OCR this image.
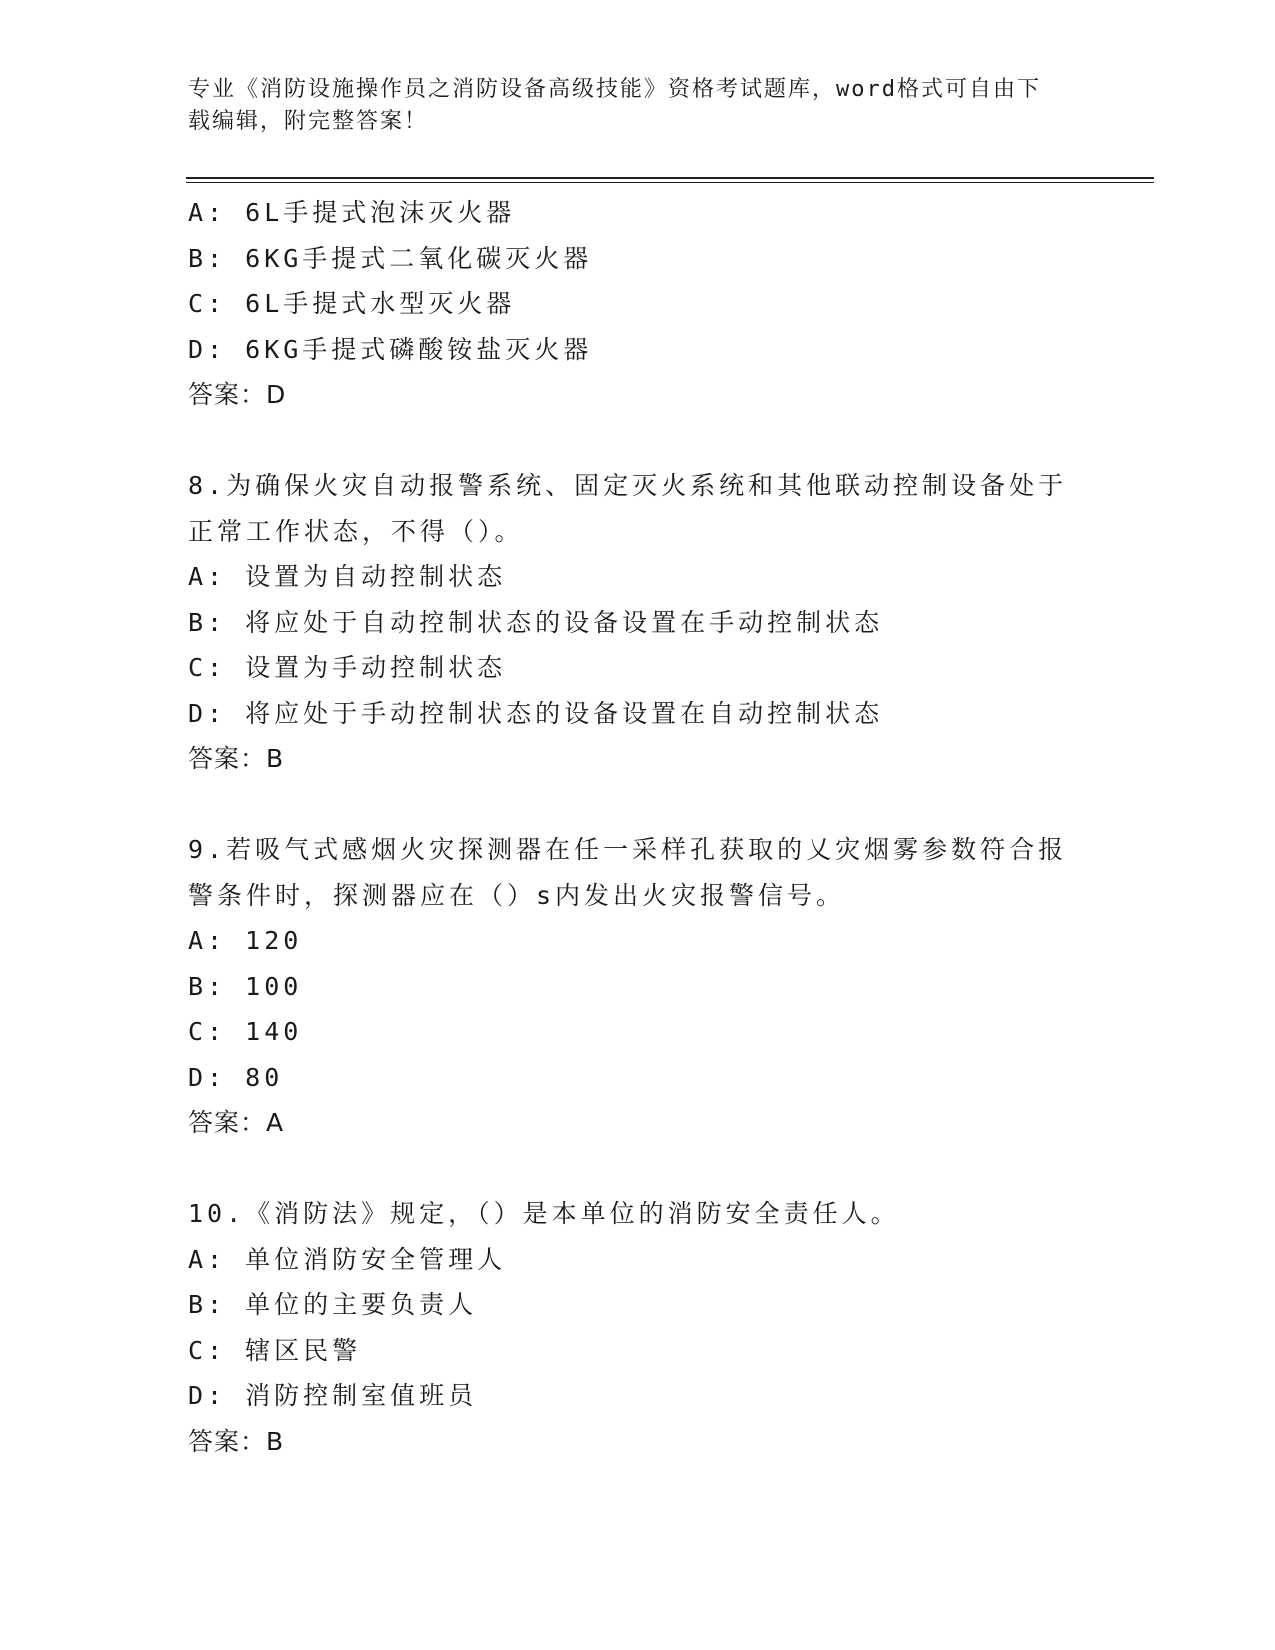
专业《消防设施操作员之消防设备高级技能》资格考试题库，word格式可自由下
载编辑，附完整答案！
A: 6L手提式泡沫灭火器
B: 6KG手提式二氧化碳灭火器
C: 6L手提式水型灭火器
D: 6KG手提式磷酸铵盐灭火器
答案：D
8.为确保火灾自动报警系统、固定灭火系统和其他联动控制设备处于
正常工作状态，不得（）。
A: 设置为自动控制状态
B: 将应处于自动控制状态的设备设置在手动控制状态
C: 设置为手动控制状态
D: 将应处于手动控制状态的设备设置在自动控制状态
答案：B
9.若吸气式感烟火灾探测器在任一采样孔获取的乂灾烟雾参数符合报
警条件时，探测器应在（）s内发出火灾报警信号。
A: 120
B: 100
C: 140
D: 80
答案：A
10.《消防法》规定，（）是本单位的消防安全责任人。
A: 单位消防安全管理人
B: 单位的主要负责人
C: 辖区民警
D: 消防控制室值班员
答案：B
